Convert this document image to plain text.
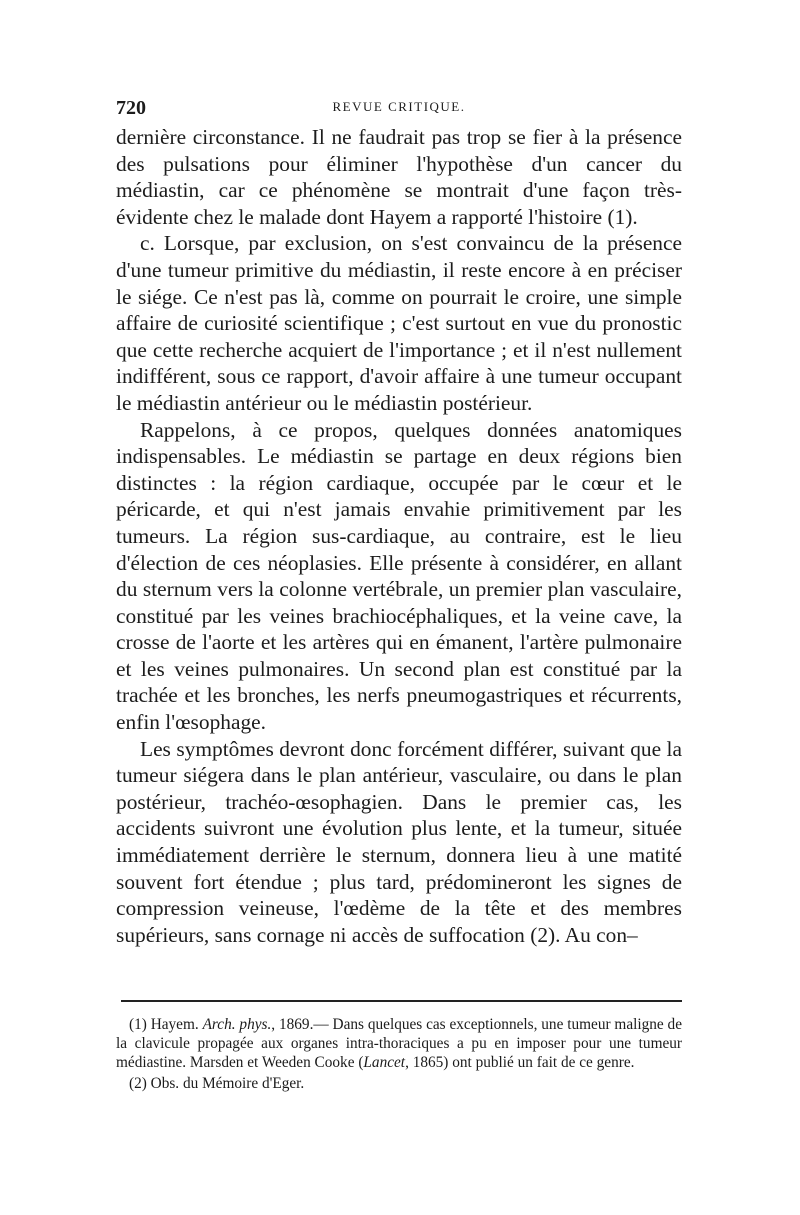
720	REVUE CRITIQUE.

dernière circonstance. Il ne faudrait pas trop se fier à la présence des pulsations pour éliminer l'hypothèse d'un cancer du médiastin, car ce phénomène se montrait d'une façon très-évidente chez le malade dont Hayem a rapporté l'histoire (1).

c. Lorsque, par exclusion, on s'est convaincu de la présence d'une tumeur primitive du médiastin, il reste encore à en préciser le siége. Ce n'est pas là, comme on pourrait le croire, une simple affaire de curiosité scientifique ; c'est surtout en vue du pronostic que cette recherche acquiert de l'importance ; et il n'est nullement indifférent, sous ce rapport, d'avoir affaire à une tumeur occupant le médiastin antérieur ou le médiastin postérieur.

Rappelons, à ce propos, quelques données anatomiques indispensables. Le médiastin se partage en deux régions bien distinctes : la région cardiaque, occupée par le cœur et le péricarde, et qui n'est jamais envahie primitivement par les tumeurs. La région sus-cardiaque, au contraire, est le lieu d'élection de ces néoplasies. Elle présente à considérer, en allant du sternum vers la colonne vertébrale, un premier plan vasculaire, constitué par les veines brachiocéphaliques, et la veine cave, la crosse de l'aorte et les artères qui en émanent, l'artère pulmonaire et les veines pulmonaires. Un second plan est constitué par la trachée et les bronches, les nerfs pneumogastriques et récurrents, enfin l'œsophage.

Les symptômes devront donc forcément différer, suivant que la tumeur siégera dans le plan antérieur, vasculaire, ou dans le plan postérieur, trachéo-œsophagien. Dans le premier cas, les accidents suivront une évolution plus lente, et la tumeur, située immédiatement derrière le sternum, donnera lieu à une matité souvent fort étendue ; plus tard, prédomineront les signes de compression veineuse, l'œdème de la tête et des membres supérieurs, sans cornage ni accès de suffocation (2). Au con–

(1) Hayem. Arch. phys., 1869.— Dans quelques cas exceptionnels, une tumeur maligne de la clavicule propagée aux organes intra-thoraciques a pu en imposer pour une tumeur médiastine. Marsden et Weeden Cooke (Lancet, 1865) ont publié un fait de ce genre.

(2) Obs. du Mémoire d'Eger.
